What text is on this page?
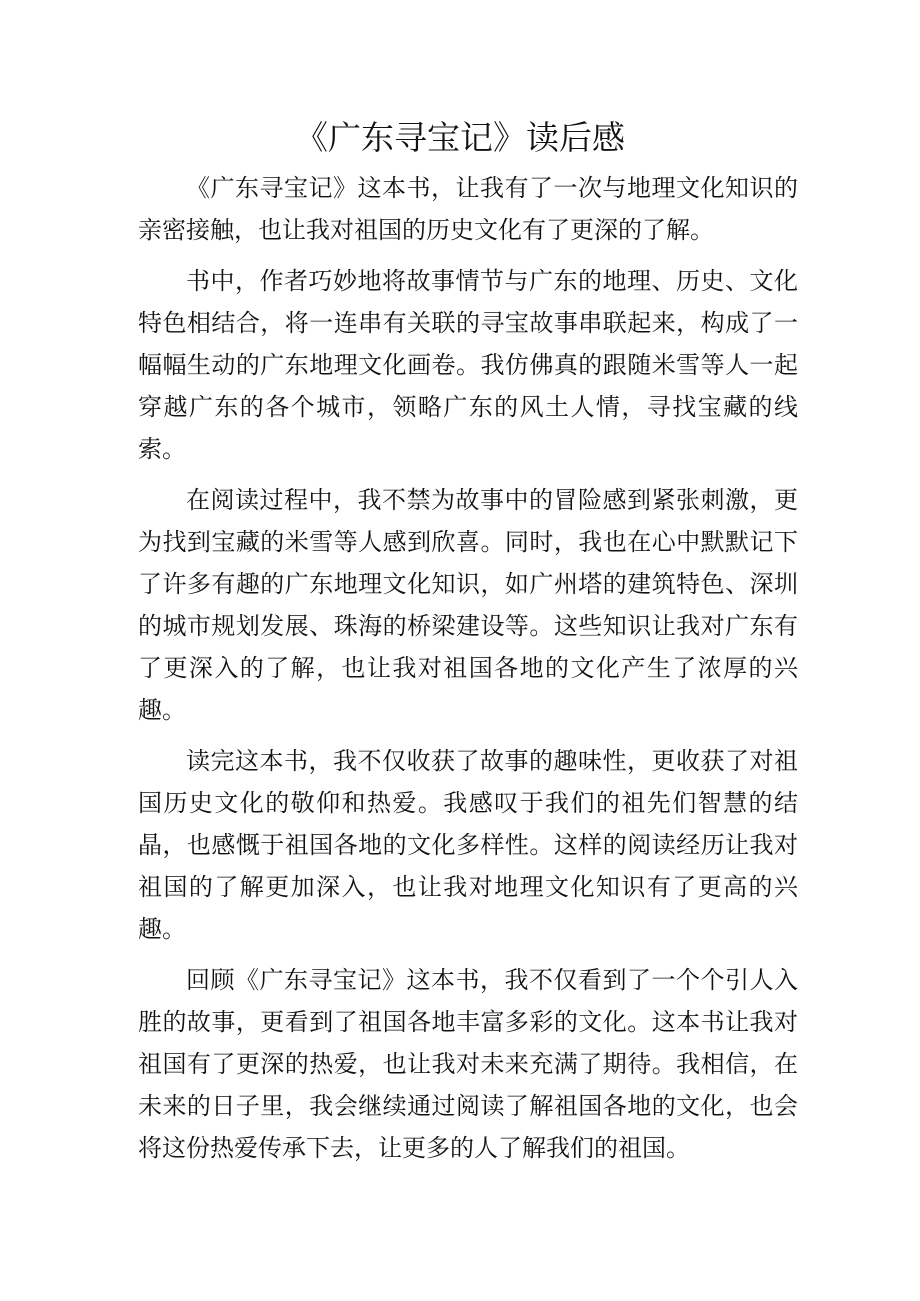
《广东寻宝记》读后感

《广东寻宝记》这本书，让我有了一次与地理文化知识的亲密接触，也让我对祖国的历史文化有了更深的了解。

书中，作者巧妙地将故事情节与广东的地理、历史、文化特色相结合，将一连串有关联的寻宝故事串联起来，构成了一幅幅生动的广东地理文化画卷。我仿佛真的跟随米雪等人一起穿越广东的各个城市，领略广东的风土人情，寻找宝藏的线索。

在阅读过程中，我不禁为故事中的冒险感到紧张刺激，更为找到宝藏的米雪等人感到欣喜。同时，我也在心中默默记下了许多有趣的广东地理文化知识，如广州塔的建筑特色、深圳的城市规划发展、珠海的桥梁建设等。这些知识让我对广东有了更深入的了解，也让我对祖国各地的文化产生了浓厚的兴趣。

读完这本书，我不仅收获了故事的趣味性，更收获了对祖国历史文化的敬仰和热爱。我感叹于我们的祖先们智慧的结晶，也感慨于祖国各地的文化多样性。这样的阅读经历让我对祖国的了解更加深入，也让我对地理文化知识有了更高的兴趣。

回顾《广东寻宝记》这本书，我不仅看到了一个个引人入胜的故事，更看到了祖国各地丰富多彩的文化。这本书让我对祖国有了更深的热爱，也让我对未来充满了期待。我相信，在未来的日子里，我会继续通过阅读了解祖国各地的文化，也会将这份热爱传承下去，让更多的人了解我们的祖国。
